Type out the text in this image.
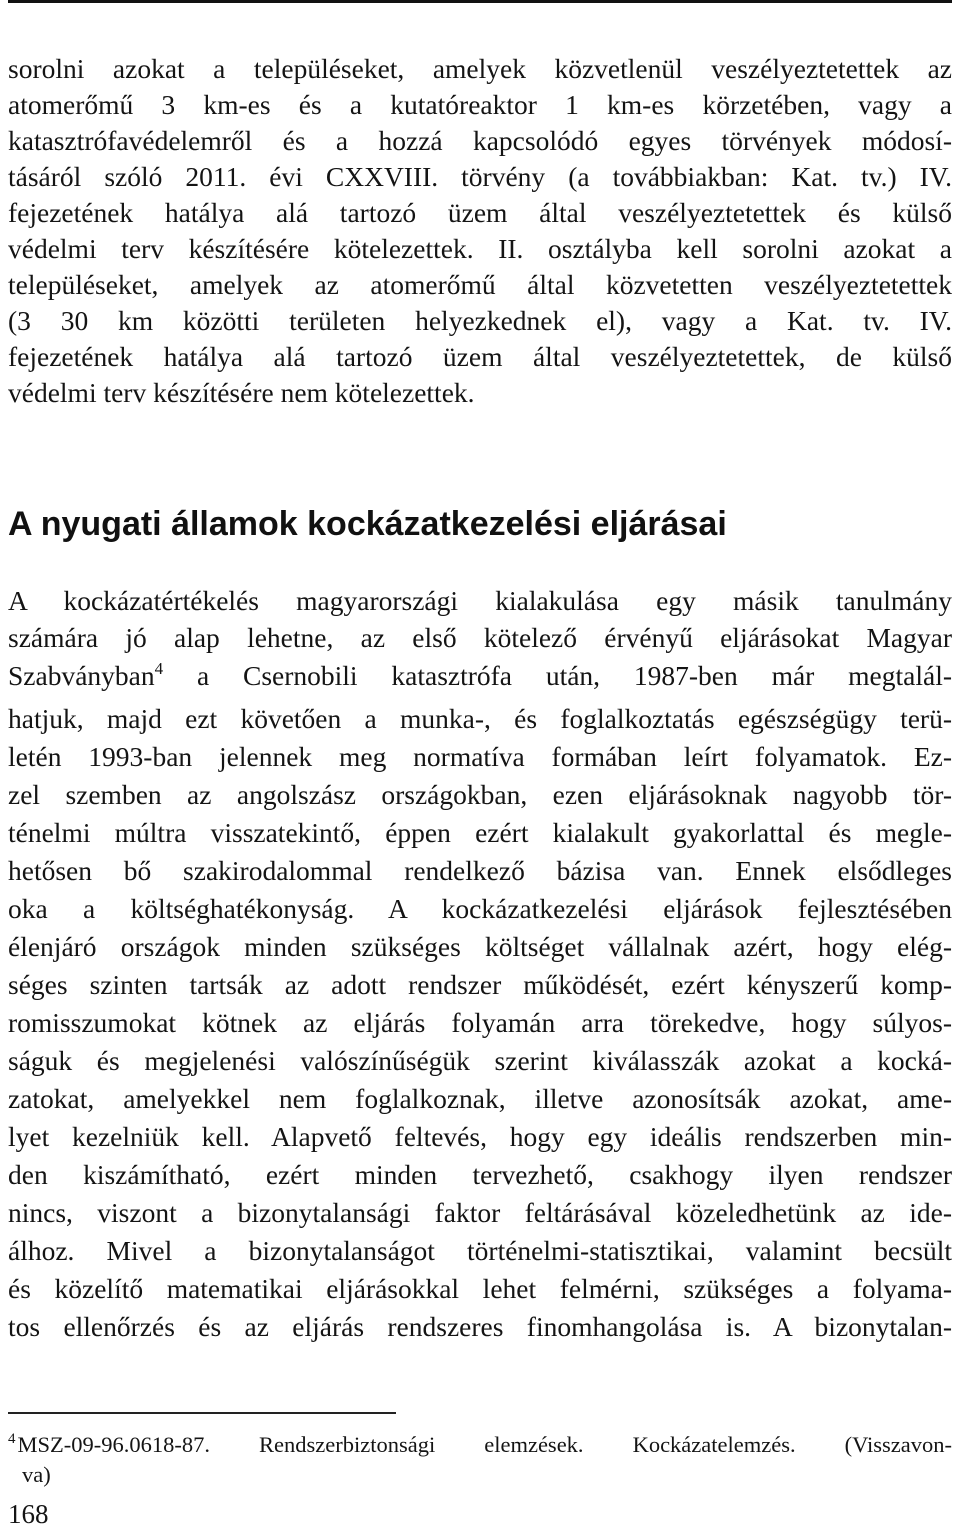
sorolni azokat a településeket, amelyek közvetlenül veszélyeztetettek az
atomerőmű 3 km-es és a kutatóreaktor 1 km-es körzetében, vagy a
katasztrófavédelemről és a hozzá kapcsolódó egyes törvények módosí-
tásáról szóló 2011. évi CXXVIII. törvény (a továbbiakban: Kat. tv.) IV.
fejezetének hatálya alá tartozó üzem által veszélyeztetettek és külső
védelmi terv készítésére kötelezettek. II. osztályba kell sorolni azokat a
településeket, amelyek az atomerőmű által közvetetten veszélyeztetettek
(3 30 km közötti területen helyezkednek el), vagy a Kat. tv. IV.
fejezetének hatálya alá tartozó üzem által veszélyeztetettek, de külső
védelmi terv készítésére nem kötelezettek.
A nyugati államok kockázatkezelési eljárásai
A kockázatértékelés magyarországi kialakulása egy másik tanulmány
számára jó alap lehetne, az első kötelező érvényű eljárásokat Magyar
Szabványban$^4$ a Csernobili katasztrófa után, 1987-ben már megtalál-
hatjuk, majd ezt követően a munka-, és foglalkoztatás egészségügy terü-
letén 1993-ban jelennek meg normatíva formában leírt folyamatok. Ez-
zel szemben az angolszász országokban, ezen eljárásoknak nagyobb tör-
ténelmi múltra visszatekintő, éppen ezért kialakult gyakorlattal és megle-
hetősen bő szakirodalommal rendelkező bázisa van. Ennek elsődleges
oka a költséghatékonyság. A kockázatkezelési eljárások fejlesztésében
élenjáró országok minden szükséges költséget vállalnak azért, hogy elég-
séges szinten tartsák az adott rendszer működését, ezért kényszerű komp-
romisszumokat kötnek az eljárás folyamán arra törekedve, hogy súlyos-
ságuk és megjelenési valószínűségük szerint kiválasszák azokat a kocká-
zatokat, amelyekkel nem foglalkoznak, illetve azonosítsák azokat, ame-
lyet kezelniük kell. Alapvető feltevés, hogy egy ideális rendszerben min-
den kiszámítható, ezért minden tervezhető, csakhogy ilyen rendszer
nincs, viszont a bizonytalansági faktor feltárásával közeledhetünk az ide-
álhoz. Mivel a bizonytalanságot történelmi-statisztikai, valamint becsült
és közelítő matematikai eljárásokkal lehet felmérni, szükséges a folyama-
tos ellenőrzés és az eljárás rendszeres finomhangolása is. A bizonytalan-
$^4$MSZ-09-96.0618-87. Rendszerbiztonsági elemzések. Kockázatelemzés. (Visszavon-
va)
168
